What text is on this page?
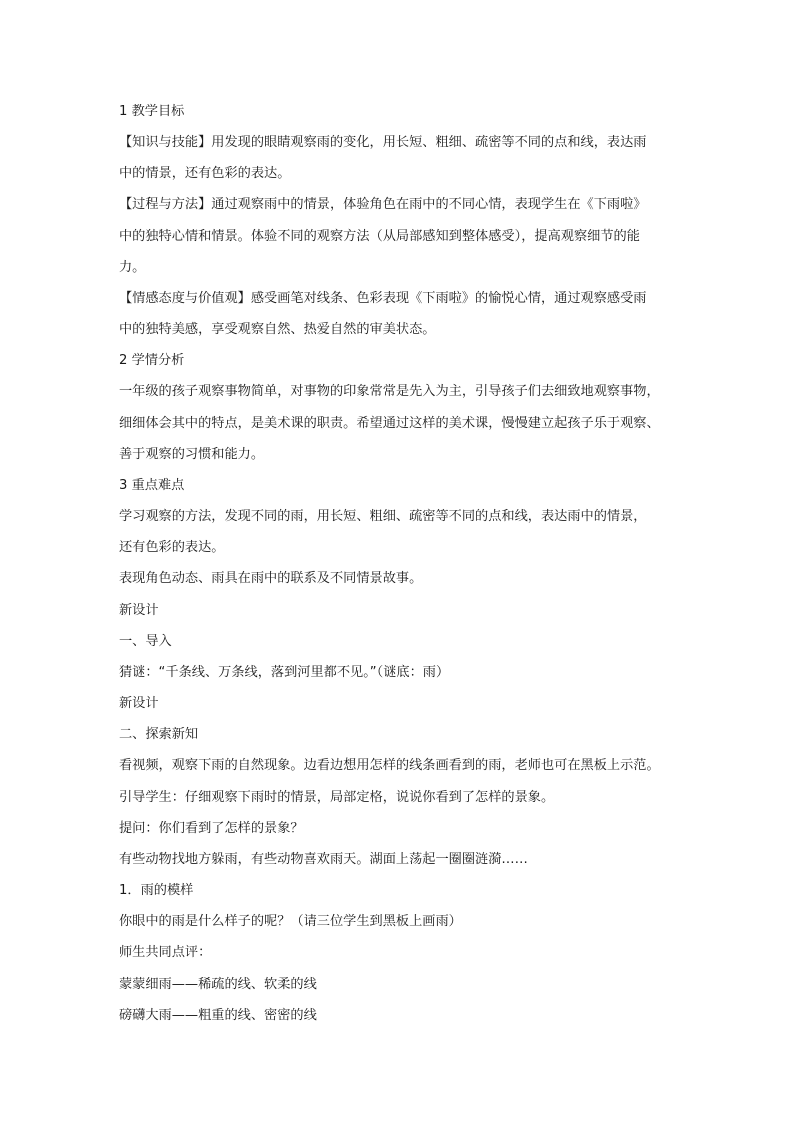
1 教学目标
【知识与技能】用发现的眼睛观察雨的变化，用长短、粗细、疏密等不同的点和线，表达雨
中的情景，还有色彩的表达。
【过程与方法】通过观察雨中的情景，体验角色在雨中的不同心情，表现学生在《下雨啦》
中的独特心情和情景。体验不同的观察方法（从局部感知到整体感受），提高观察细节的能
力。
【情感态度与价值观】感受画笔对线条、色彩表现《下雨啦》的愉悦心情，通过观察感受雨
中的独特美感，享受观察自然、热爱自然的审美状态。
2 学情分析
一年级的孩子观察事物简单，对事物的印象常常是先入为主，引导孩子们去细致地观察事物，
细细体会其中的特点，是美术课的职责。希望通过这样的美术课，慢慢建立起孩子乐于观察、
善于观察的习惯和能力。
3 重点难点
学习观察的方法，发现不同的雨，用长短、粗细、疏密等不同的点和线，表达雨中的情景，
还有色彩的表达。
表现角色动态、雨具在雨中的联系及不同情景故事。
新设计
一、导入
猜谜：“千条线、万条线，落到河里都不见。”（谜底：雨）
新设计
二、探索新知
看视频，观察下雨的自然现象。边看边想用怎样的线条画看到的雨，老师也可在黑板上示范。
引导学生：仔细观察下雨时的情景，局部定格，说说你看到了怎样的景象。
提问：你们看到了怎样的景象？
有些动物找地方躲雨，有些动物喜欢雨天。湖面上荡起一圈圈涟漪……
1．雨的模样
你眼中的雨是什么样子的呢？（请三位学生到黑板上画雨）
师生共同点评：
蒙蒙细雨——稀疏的线、软柔的线
磅礴大雨——粗重的线、密密的线
